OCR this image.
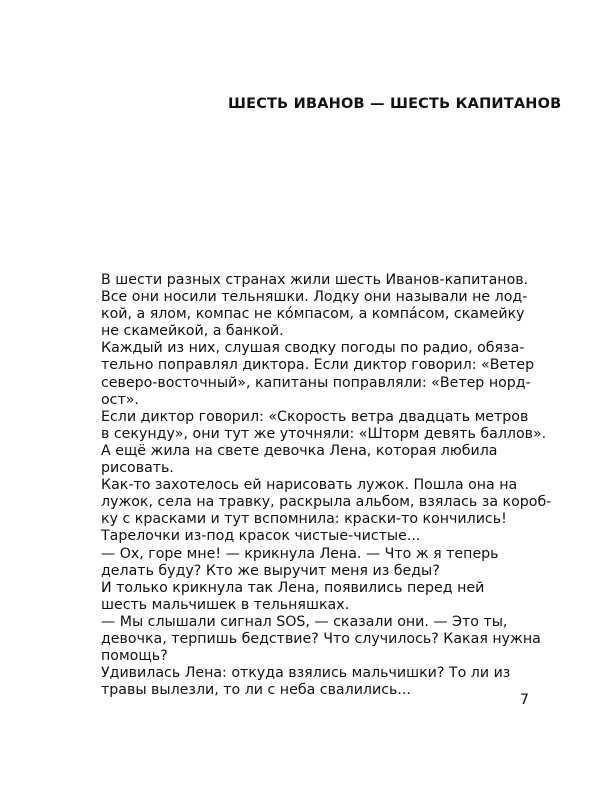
ШЕСТЬ ИВАНОВ — ШЕСТЬ КАПИТАНОВ

В шести разных странах жили шесть Иванов-капитанов.
Все они носили тельняшки. Лодку они называли не лод-
кой, а ялом, компас не ко́мпасом, а компа́сом, скамейку
не скамейкой, а банкой.

Каждый из них, слушая сводку погоды по радио, обяза-
тельно поправлял диктора. Если диктор говорил: «Ветер
северо-восточный», капитаны поправляли: «Ветер норд-
ост».

Если диктор говорил: «Скорость ветра двадцать метров
в секунду», они тут же уточняли: «Шторм девять баллов».

А ещё жила на свете девочка Лена, которая любила
рисовать.

Как-то захотелось ей нарисовать лужок. Пошла она на
лужок, села на травку, раскрыла альбом, взялась за короб-
ку с красками и тут вспомнила: краски-то кончились!

Тарелочки из-под красок чистые-чистые...

— Ох, горе мне! — крикнула Лена. — Что ж я теперь
делать буду? Кто же выручит меня из беды?

И только крикнула так Лена, появились перед ней
шесть мальчишек в тельняшках.

— Мы слышали сигнал SOS, — сказали они. — Это ты,
девочка, терпишь бедствие? Что случилось? Какая нужна
помощь?

Удивилась Лена: откуда взялись мальчишки? То ли из
травы вылезли, то ли с неба свалились...

7
